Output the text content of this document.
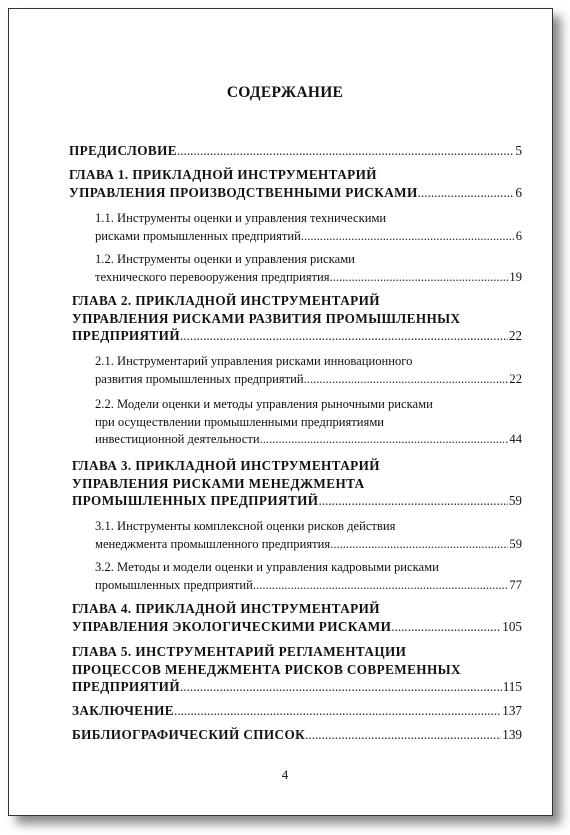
СОДЕРЖАНИЕ
ПРЕДИСЛОВИЕ .....	5
ГЛАВА 1. ПРИКЛАДНОЙ ИНСТРУМЕНТАРИЙ
УПРАВЛЕНИЯ ПРОИЗВОДСТВЕННЫМИ РИСКАМИ .....	6
1.1. Инструменты оценки и управления техническими
рисками промышленных предприятий .....	6
1.2. Инструменты оценки и управления рисками
технического перевооружения предприятия .....	19
ГЛАВА 2. ПРИКЛАДНОЙ ИНСТРУМЕНТАРИЙ
УПРАВЛЕНИЯ РИСКАМИ РАЗВИТИЯ ПРОМЫШЛЕННЫХ
ПРЕДПРИЯТИЙ .....	22
2.1. Инструментарий управления рисками инновационного
развития промышленных предприятий .....	22
2.2. Модели оценки и методы управления рыночными рисками
при осуществлении промышленными предприятиями
инвестиционной деятельности .....	44
ГЛАВА 3. ПРИКЛАДНОЙ ИНСТРУМЕНТАРИЙ
УПРАВЛЕНИЯ РИСКАМИ МЕНЕДЖМЕНТА
ПРОМЫШЛЕННЫХ ПРЕДПРИЯТИЙ .....	59
3.1. Инструменты комплексной оценки рисков действия
менеджмента промышленного предприятия .....	59
3.2. Методы и модели оценки и управления кадровыми рисками
промышленных предприятий .....	77
ГЛАВА 4. ПРИКЛАДНОЙ ИНСТРУМЕНТАРИЙ
УПРАВЛЕНИЯ ЭКОЛОГИЧЕСКИМИ РИСКАМИ .....	105
ГЛАВА 5. ИНСТРУМЕНТАРИЙ РЕГЛАМЕНТАЦИИ
ПРОЦЕССОВ МЕНЕДЖМЕНТА РИСКОВ СОВРЕМЕННЫХ
ПРЕДПРИЯТИЙ .....	115
ЗАКЛЮЧЕНИЕ .....	137
БИБЛИОГРАФИЧЕСКИЙ СПИСОК .....	139
4
